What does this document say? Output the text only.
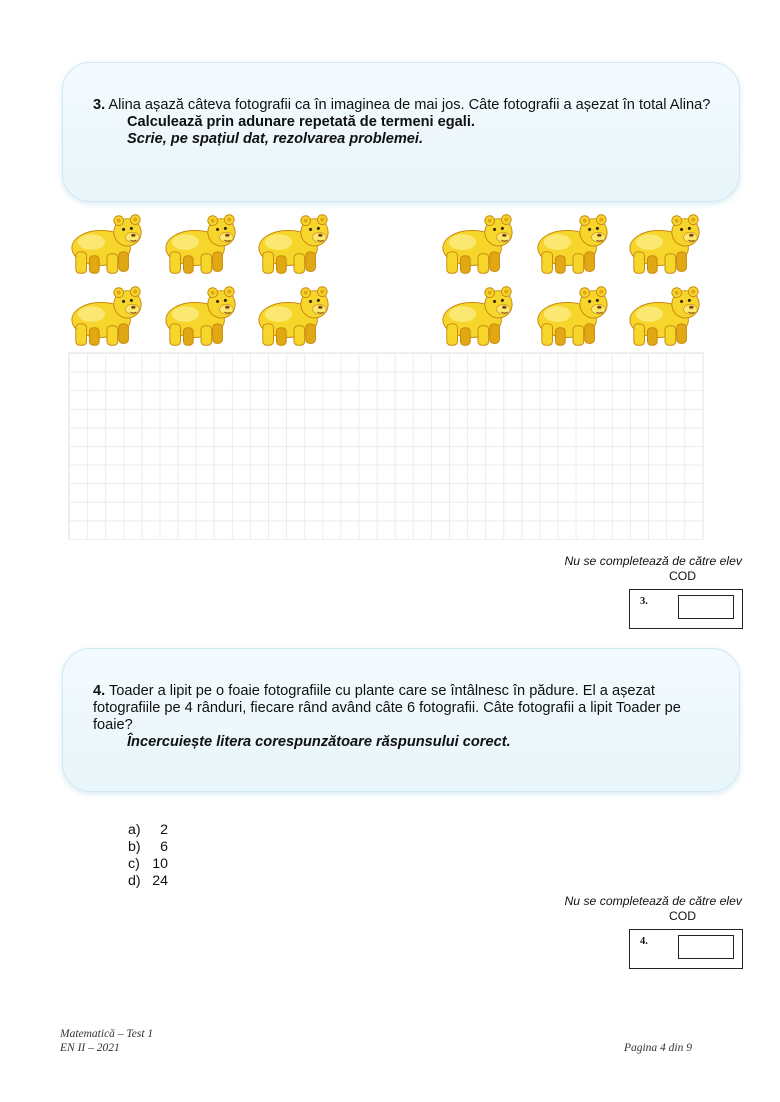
3. Alina așază câteva fotografii ca în imaginea de mai jos. Câte fotografii a așezat în total Alina?
Calculează prin adunare repetată de termeni egali.
Scrie, pe spațiul dat, rezolvarea problemei.
Nu se completează de către elev
COD
3.
4. Toader a lipit pe o foaie fotografiile cu plante care se întâlnesc în pădure. El a așezat fotografiile pe 4 rânduri, fiecare rând având câte 6 fotografii. Câte fotografii a lipit Toader pe foaie?
Încercuiește litera corespunzătoare răspunsului corect.
a) 2
b) 6
c) 10
d) 24
Nu se completează de către elev
COD
4.
Matematică – Test 1
EN II – 2021	Pagina 4 din 9
